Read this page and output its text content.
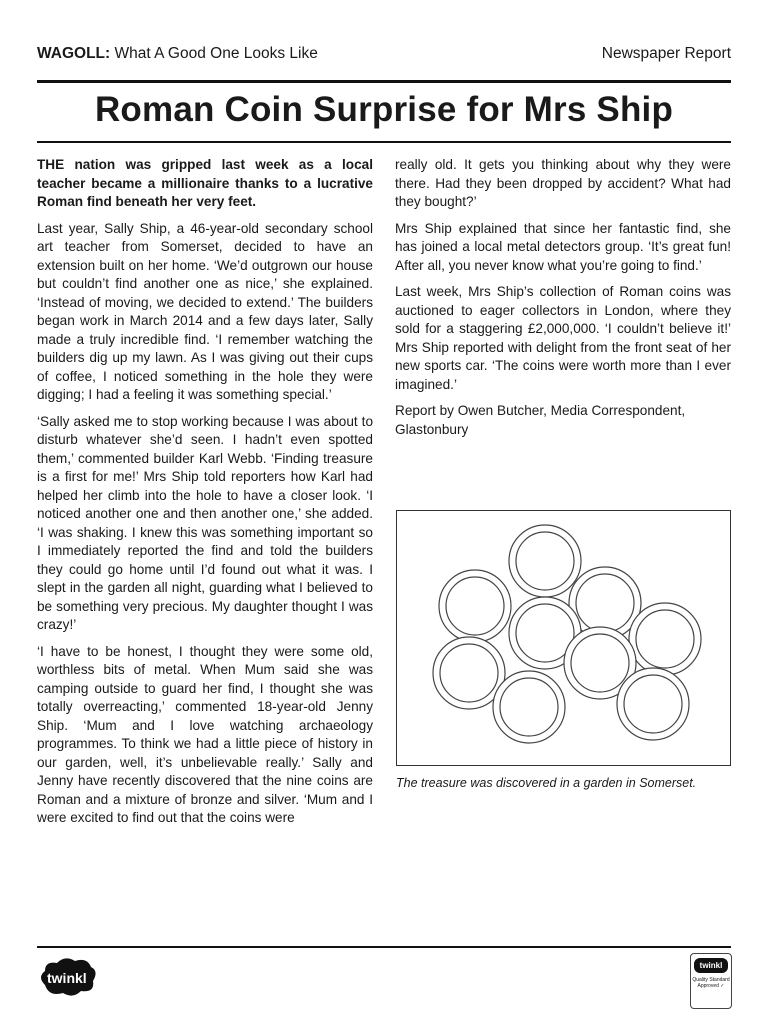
WAGOLL: What A Good One Looks Like	Newspaper Report
Roman Coin Surprise for Mrs Ship

THE nation was gripped last week as a local teacher became a millionaire thanks to a lucrative Roman find beneath her very feet.

Last year, Sally Ship, a 46-year-old secondary school art teacher from Somerset, decided to have an extension built on her home. ‘We’d outgrown our house but couldn’t find another one as nice,’ she explained. ‘Instead of moving, we decided to extend.’ The builders began work in March 2014 and a few days later, Sally made a truly incredible find. ‘I remember watching the builders dig up my lawn. As I was giving out their cups of coffee, I noticed something in the hole they were digging; I had a feeling it was something special.’

‘Sally asked me to stop working because I was about to disturb whatever she’d seen. I hadn’t even spotted them,’ commented builder Karl Webb. ‘Finding treasure is a first for me!’ Mrs Ship told reporters how Karl had helped her climb into the hole to have a closer look. ‘I noticed another one and then another one,’ she added. ‘I was shaking. I knew this was something important so I immediately reported the find and told the builders they could go home until I’d found out what it was. I slept in the garden all night, guarding what I believed to be something very precious. My daughter thought I was crazy!’

‘I have to be honest, I thought they were some old, worthless bits of metal. When Mum said she was camping outside to guard her find, I thought she was totally overreacting,’ commented 18-year-old Jenny Ship. ‘Mum and I love watching archaeology programmes. To think we had a little piece of history in our garden, well, it’s unbelievable really.’ Sally and Jenny have recently discovered that the nine coins are Roman and a mixture of bronze and silver. ‘Mum and I were excited to find out that the coins were

really old. It gets you thinking about why they were there. Had they been dropped by accident? What had they bought?’

Mrs Ship explained that since her fantastic find, she has joined a local metal detectors group. ‘It’s great fun! After all, you never know what you’re going to find.’

Last week, Mrs Ship’s collection of Roman coins was auctioned to eager collectors in London, where they sold for a staggering £2,000,000. ‘I couldn’t believe it!’ Mrs Ship reported with delight from the front seat of her new sports car. ‘The coins were worth more than I ever imagined.’

Report by Owen Butcher, Media Correspondent, Glastonbury

The treasure was discovered in a garden in Somerset.
twinkl
twinkl
Quality Standard
Approved ✓
